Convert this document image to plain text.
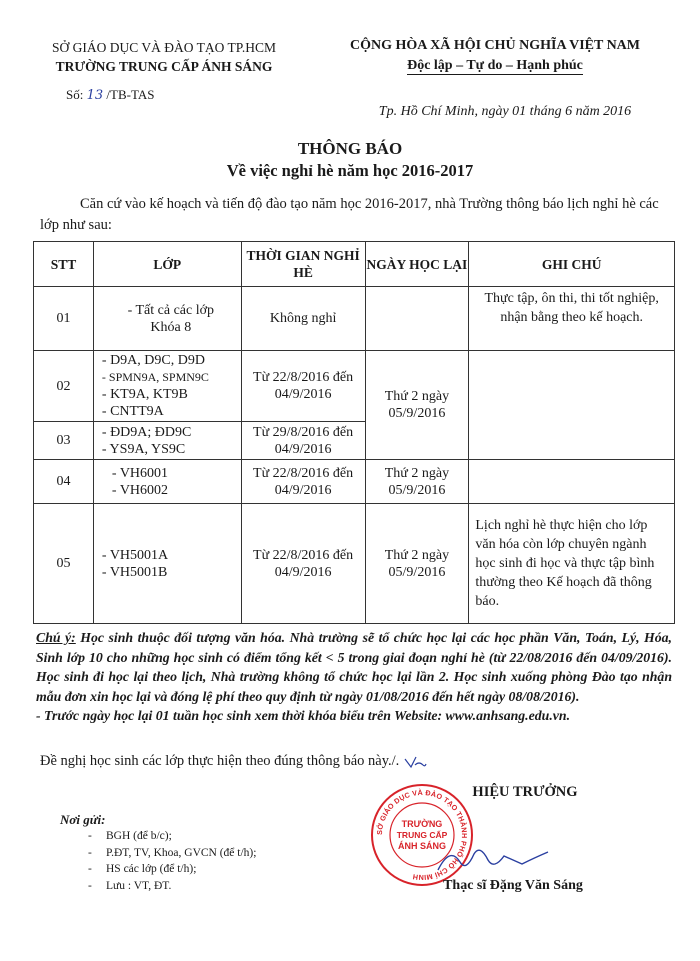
SỞ GIÁO DỤC VÀ ĐÀO TẠO TP.HCM
TRƯỜNG TRUNG CẤP ÁNH SÁNG
CỘNG HÒA XÃ HỘI CHỦ NGHĨA VIỆT NAM
Độc lập – Tự do – Hạnh phúc
Số: 13 /TB-TAS
Tp. Hồ Chí Minh, ngày 01 tháng 6 năm 2016
THÔNG BÁO
Về việc nghỉ hè năm học 2016-2017
Căn cứ vào kế hoạch và tiến độ đào tạo năm học 2016-2017, nhà Trường thông báo lịch nghỉ hè các lớp như sau:
STT	LỚP	THỜI GIAN NGHỈ HÈ	NGÀY HỌC LẠI	GHI CHÚ
01	- Tất cả các lớp
Khóa 8	Không nghỉ		Thực tập, ôn thi, thi tốt nghiệp, nhận bằng theo kế hoạch.
02	- D9A, D9C, D9D
- SPMN9A, SPMN9C
- KT9A, KT9B
- CNTT9A	Từ 22/8/2016 đến 04/9/2016	Thứ 2 ngày 05/9/2016	
03	- ĐD9A; ĐD9C
- YS9A, YS9C	Từ 29/8/2016 đến 04/9/2016		
04	- VH6001
- VH6002	Từ 22/8/2016 đến 04/9/2016	Thứ 2 ngày 05/9/2016	
05	- VH5001A
- VH5001B	Từ 22/8/2016 đến 04/9/2016	Thứ 2 ngày 05/9/2016	Lịch nghỉ hè thực hiện cho lớp văn hóa còn lớp chuyên ngành học sinh đi học và thực tập bình thường theo Kế hoạch đã thông báo.
Chú ý: Học sinh thuộc đối tượng văn hóa. Nhà trường sẽ tổ chức học lại các học phần Văn, Toán, Lý, Hóa, Sinh lớp 10 cho những học sinh có điểm tổng kết < 5 trong giai đoạn nghỉ hè (từ 22/08/2016 đến 04/09/2016). Học sinh đi học lại theo lịch, Nhà trường không tổ chức học lại lần 2. Học sinh xuống phòng Đào tạo nhận mẫu đơn xin học lại và đóng lệ phí theo quy định từ ngày 01/08/2016 đến hết ngày 08/08/2016).
- Trước ngày học lại 01 tuần học sinh xem thời khóa biểu trên Website: www.anhsang.edu.vn.
Đề nghị học sinh các lớp thực hiện theo đúng thông báo này./.
HIỆU TRƯỞNG
SỞ GIÁO DỤC VÀ ĐÀO TẠO THÀNH PHỐ HỒ CHÍ MINH
TRƯỜNG
TRUNG CẤP
ÁNH SÁNG
Nơi gửi:
- BGH (để b/c);
- P.ĐT, TV, Khoa, GVCN (để t/h);
- HS các lớp (để t/h);
- Lưu : VT, ĐT.	Thạc sĩ Đặng Văn Sáng
